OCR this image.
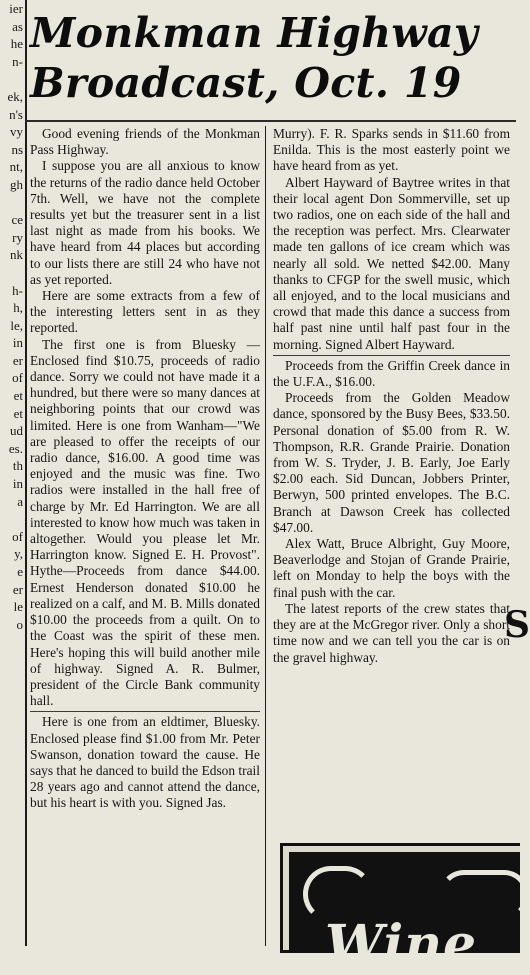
ier
as
he
n-
ek,
n's
vy
ns
nt,
gh
ce
ry
nk
h-
h,
le,
in
er
of
et
et
ud
es.
th
in
a
of
y,
e
er
le
o
Monkman Highway
Broadcast, Oct. 19

Good evening friends of the Monkman Pass Highway.

I suppose you are all anxious to know the returns of the radio dance held October 7th. Well, we have not the complete results yet but the treasurer sent in a list last night as made from his books. We have heard from 44 places but according to our lists there are still 24 who have not as yet reported.

Here are some extracts from a few of the interesting letters sent in as they reported.

The first one is from Bluesky —Enclosed find $10.75, proceeds of radio dance. Sorry we could not have made it a hundred, but there were so many dances at neighboring points that our crowd was limited. Here is one from Wanham—"We are pleased to offer the receipts of our radio dance, $16.00. A good time was enjoyed and the music was fine. Two radios were installed in the hall free of charge by Mr. Ed Harrington. We are all interested to know how much was taken in altogether. Would you please let Mr. Harrington know. Signed E. H. Provost". Hythe—Proceeds from dance $44.00. Ernest Henderson donated $10.00 he realized on a calf, and M. B. Mills donated $10.00 the proceeds from a quilt. On to the Coast was the spirit of these men. Here's hoping this will build another mile of highway. Signed A. R. Bulmer, president of the Circle Bank community hall.

Here is one from an eldtimer, Bluesky. Enclosed please find $1.00 from Mr. Peter Swanson, donation toward the cause. He says that he danced to build the Edson trail 28 years ago and cannot attend the dance, but his heart is with you. Signed Jas.

Murry). F. R. Sparks sends in $11.60 from Enilda. This is the most easterly point we have heard from as yet.

Albert Hayward of Baytree writes in that their local agent Don Sommerville, set up two radios, one on each side of the hall and the reception was perfect. Mrs. Clearwater made ten gallons of ice cream which was nearly all sold. We netted $42.00. Many thanks to CFGP for the swell music, which all enjoyed, and to the local musicians and crowd that made this dance a success from half past nine until half past four in the morning. Signed Albert Hayward.

Proceeds from the Griffin Creek dance in the U.F.A., $16.00.

Proceeds from the Golden Meadow dance, sponsored by the Busy Bees, $33.50. Personal donation of $5.00 from R. W. Thompson, R.R. Grande Prairie. Donation from W. S. Tryder, J. B. Early, Joe Early $2.00 each. Sid Duncan, Jobbers Printer, Berwyn, 500 printed envelopes. The B.C. Branch at Dawson Creek has collected $47.00.

Alex Watt, Bruce Albright, Guy Moore, Beaverlodge and Stojan of Grande Prairie, left on Monday to help the boys with the final push with the car.

The latest reports of the crew states that they are at the McGregor river. Only a short time now and we can tell you the car is on the gravel highway.

S
Wine
